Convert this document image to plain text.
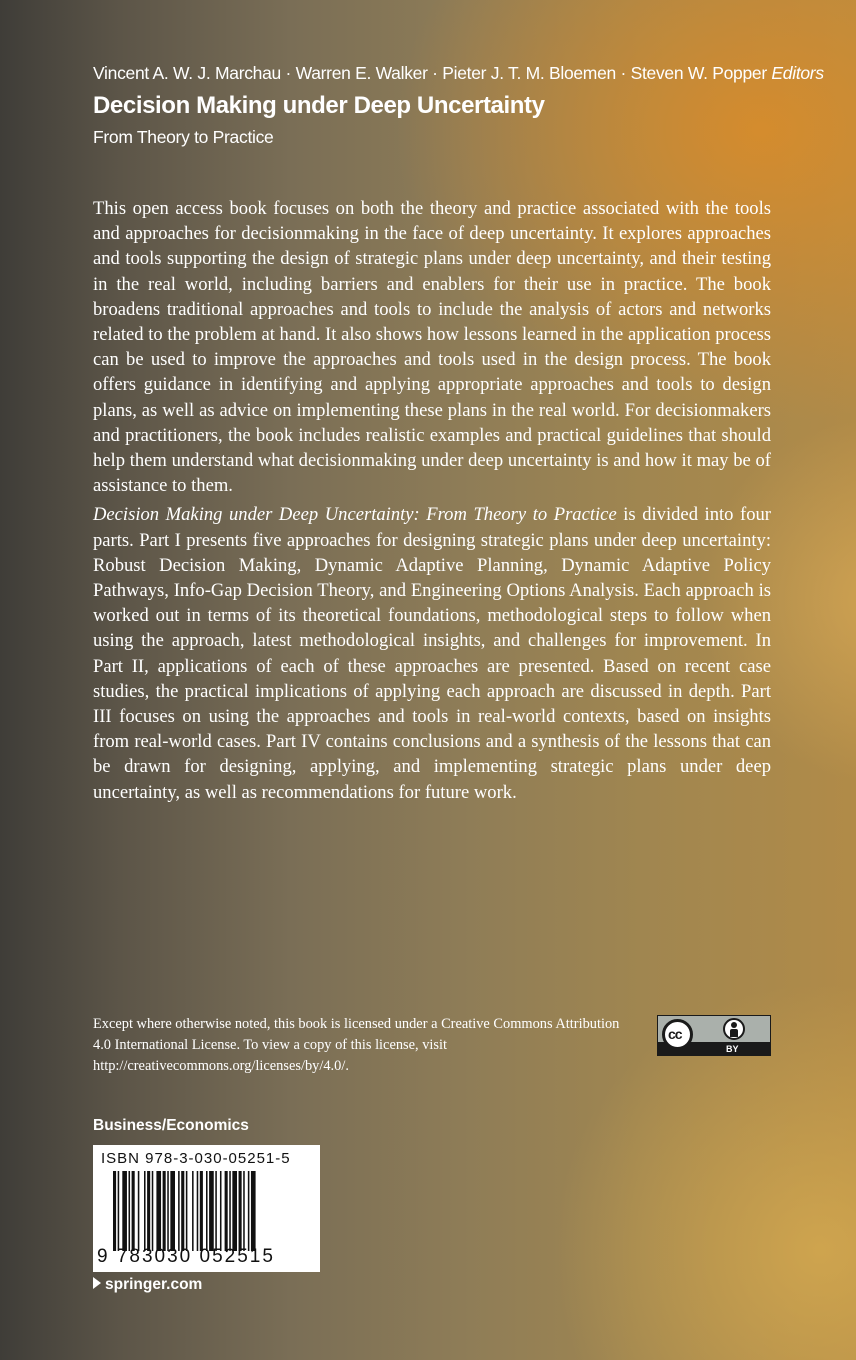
Vincent A. W. J. Marchau · Warren E. Walker · Pieter J. T. M. Bloemen · Steven W. Popper Editors
Decision Making under Deep Uncertainty
From Theory to Practice

This open access book focuses on both the theory and practice associated with the tools and approaches for decisionmaking in the face of deep uncertainty. It explores approaches and tools supporting the design of strategic plans under deep uncertainty, and their testing in the real world, including barriers and enablers for their use in practice. The book broadens traditional approaches and tools to include the analysis of actors and networks related to the problem at hand. It also shows how lessons learned in the application process can be used to improve the approaches and tools used in the design process. The book offers guidance in identifying and applying appropriate approaches and tools to design plans, as well as advice on implementing these plans in the real world. For decisionmakers and practitioners, the book includes realistic examples and practical guidelines that should help them understand what decisionmaking under deep uncertainty is and how it may be of assistance to them.

Decision Making under Deep Uncertainty: From Theory to Practice is divided into four parts. Part I presents five approaches for designing strategic plans under deep uncertainty: Robust Decision Making, Dynamic Adaptive Planning, Dynamic Adaptive Policy Pathways, Info-Gap Decision Theory, and Engineering Options Analysis. Each approach is worked out in terms of its theoretical foundations, methodological steps to follow when using the approach, latest methodological insights, and challenges for improvement. In Part II, applications of each of these approaches are presented. Based on recent case studies, the practical implications of applying each approach are discussed in depth. Part III focuses on using the approaches and tools in real-world contexts, based on insights from real-world cases. Part IV contains conclusions and a synthesis of the lessons that can be drawn for designing, applying, and implementing strategic plans under deep uncertainty, as well as recommendations for future work.

Except where otherwise noted, this book is licensed under a Creative Commons Attribution 4.0 International License. To view a copy of this license, visit http://creativecommons.org/licenses/by/4.0/.
cc
BY
Business/Economics
ISBN 978-3-030-05251-5
9 783030 052515
springer.com
